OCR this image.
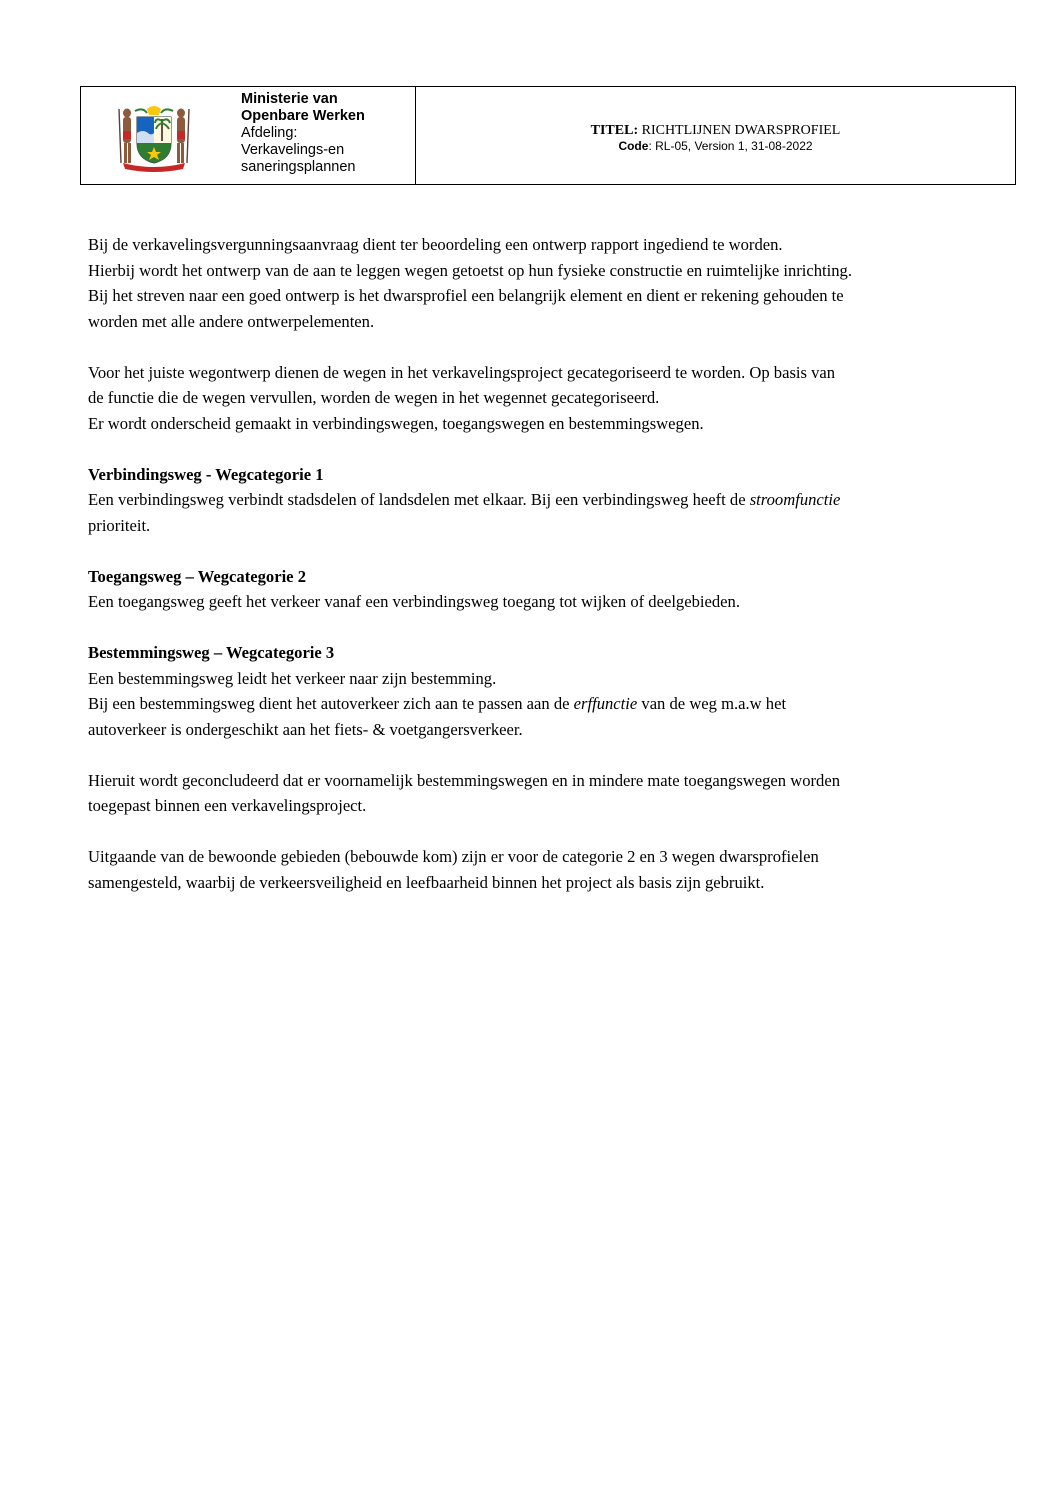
Ministerie van
Openbare Werken
Afdeling:
Verkavelings-en
saneringsplannen
TITEL: RICHTLIJNEN DWARSPROFIEL
Code: RL-05, Version 1, 31-08-2022

Bij de verkavelingsvergunningsaanvraag dient ter beoordeling een ontwerp rapport ingediend te worden.
Hierbij wordt het ontwerp van de aan te leggen wegen getoetst op hun fysieke constructie en ruimtelijke inrichting.
Bij het streven naar een goed ontwerp is het dwarsprofiel een belangrijk element en dient er rekening gehouden te
worden met alle andere ontwerpelementen.

Voor het juiste wegontwerp dienen de wegen in het verkavelingsproject gecategoriseerd te worden. Op basis van
de functie die de wegen vervullen, worden de wegen in het wegennet gecategoriseerd.
Er wordt onderscheid gemaakt in verbindingswegen, toegangswegen en bestemmingswegen.

Verbindingsweg - Wegcategorie 1
Een verbindingsweg verbindt stadsdelen of landsdelen met elkaar. Bij een verbindingsweg heeft de stroomfunctie
prioriteit.

Toegangsweg – Wegcategorie 2
Een toegangsweg geeft het verkeer vanaf een verbindingsweg toegang tot wijken of deelgebieden.

Bestemmingsweg – Wegcategorie 3
Een bestemmingsweg leidt het verkeer naar zijn bestemming.
Bij een bestemmingsweg dient het autoverkeer zich aan te passen aan de erffunctie van de weg m.a.w het
autoverkeer is ondergeschikt aan het fiets- & voetgangersverkeer.

Hieruit wordt geconcludeerd dat er voornamelijk bestemmingswegen en in mindere mate toegangswegen worden
toegepast binnen een verkavelingsproject.

Uitgaande van de bewoonde gebieden (bebouwde kom) zijn er voor de categorie 2 en 3 wegen dwarsprofielen
samengesteld, waarbij de verkeersveiligheid en leefbaarheid binnen het project als basis zijn gebruikt.
